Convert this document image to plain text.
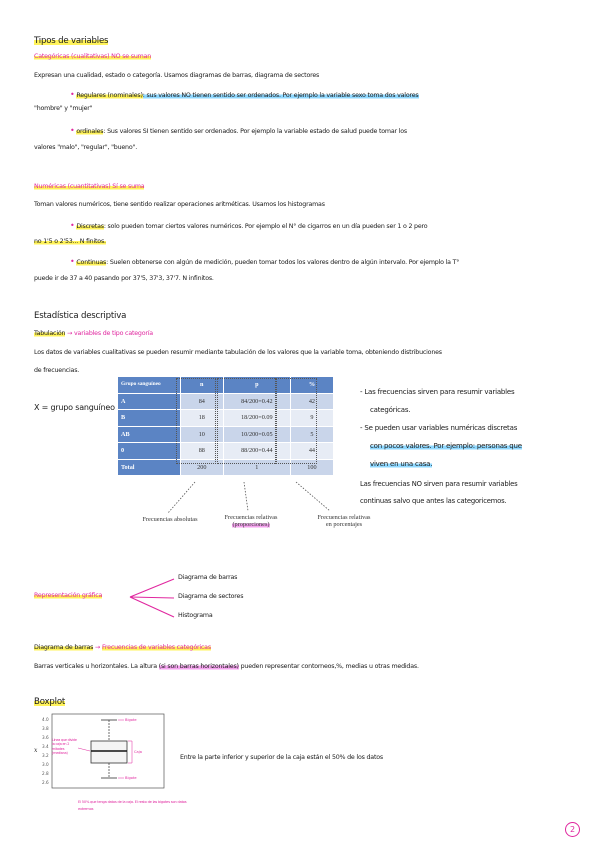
Tipos de variables
Categóricas (cualitativas) NO se suman
Expresan una cualidad, estado o categoría. Usamos diagramas de barras, diagrama de sectores
• Regulares (nominales): sus valores NO tienen sentido ser ordenados. Por ejemplo la variable sexo toma dos valores
"hombre" y "mujer"
• ordinales: Sus valores SI tienen sentido ser ordenados. Por ejemplo la variable estado de salud puede tomar los
valores "malo", "regular", "bueno".
Numéricas (cuantitativas) Sí se suma
Toman valores numéricos, tiene sentido realizar operaciones aritméticas. Usamos los histogramas
• Discretas: solo pueden tomar ciertos valores numéricos. Por ejemplo el N° de cigarros en un día pueden ser 1 o 2 pero
no 1'5 o 2'53... N finitos.
• Continuas: Suelen obtenerse con algún de medición, pueden tomar todos los valores dentro de algún intervalo. Por ejemplo la T°
puede ir de 37 a 40 pasando por 37'5, 37'3, 37'7. N infinitos.
Estadística descriptiva
Tabulación → variables de tipo categoría
Los datos de variables cualitativas se pueden resumir mediante tabulación de los valores que la variable toma, obteniendo distribuciones
de frecuencias.
X = grupo sanguíneo
Grupo sanguíneo	n	p	%
A	84	84/200=0.42	42
B	18	18/200=0.09	9
AB	10	10/200=0.05	5
0	88	88/200=0.44	44
Total	200	1	100
Frecuencias absolutas	Frecuencias relativas
(proporciones)
Frecuencias relativas en porcentajes
- Las frecuencias sirven para resumir variables
categóricas.
- Se pueden usar variables numéricas discretas
con pocos valores. Por ejemplo: personas que
viven en una casa.
Las frecuencias NO sirven para resumir variables
continuas salvo que antes las categoricemos.
Representación gráfica
Diagrama de barras
Diagrama de sectores
Histograma
Diagrama de barras → Frecuencias de variables categóricas
Barras verticales u horizontales. La altura (si son barras horizontales) pueden representar contorneos,%, medias u otras medidas.
Boxplot
x
4.0
3.8
3.6
3.4
3.2
3.0
2.8
2.6
Bigote
Caja
Bigote
Línea que divide la caja en 2 mitades (mediana)
El 50% que tenga datos de la caja. El resto de las bigotes son datos
extremos
Entre la parte inferior y superior de la caja están el 50% de los datos
2
